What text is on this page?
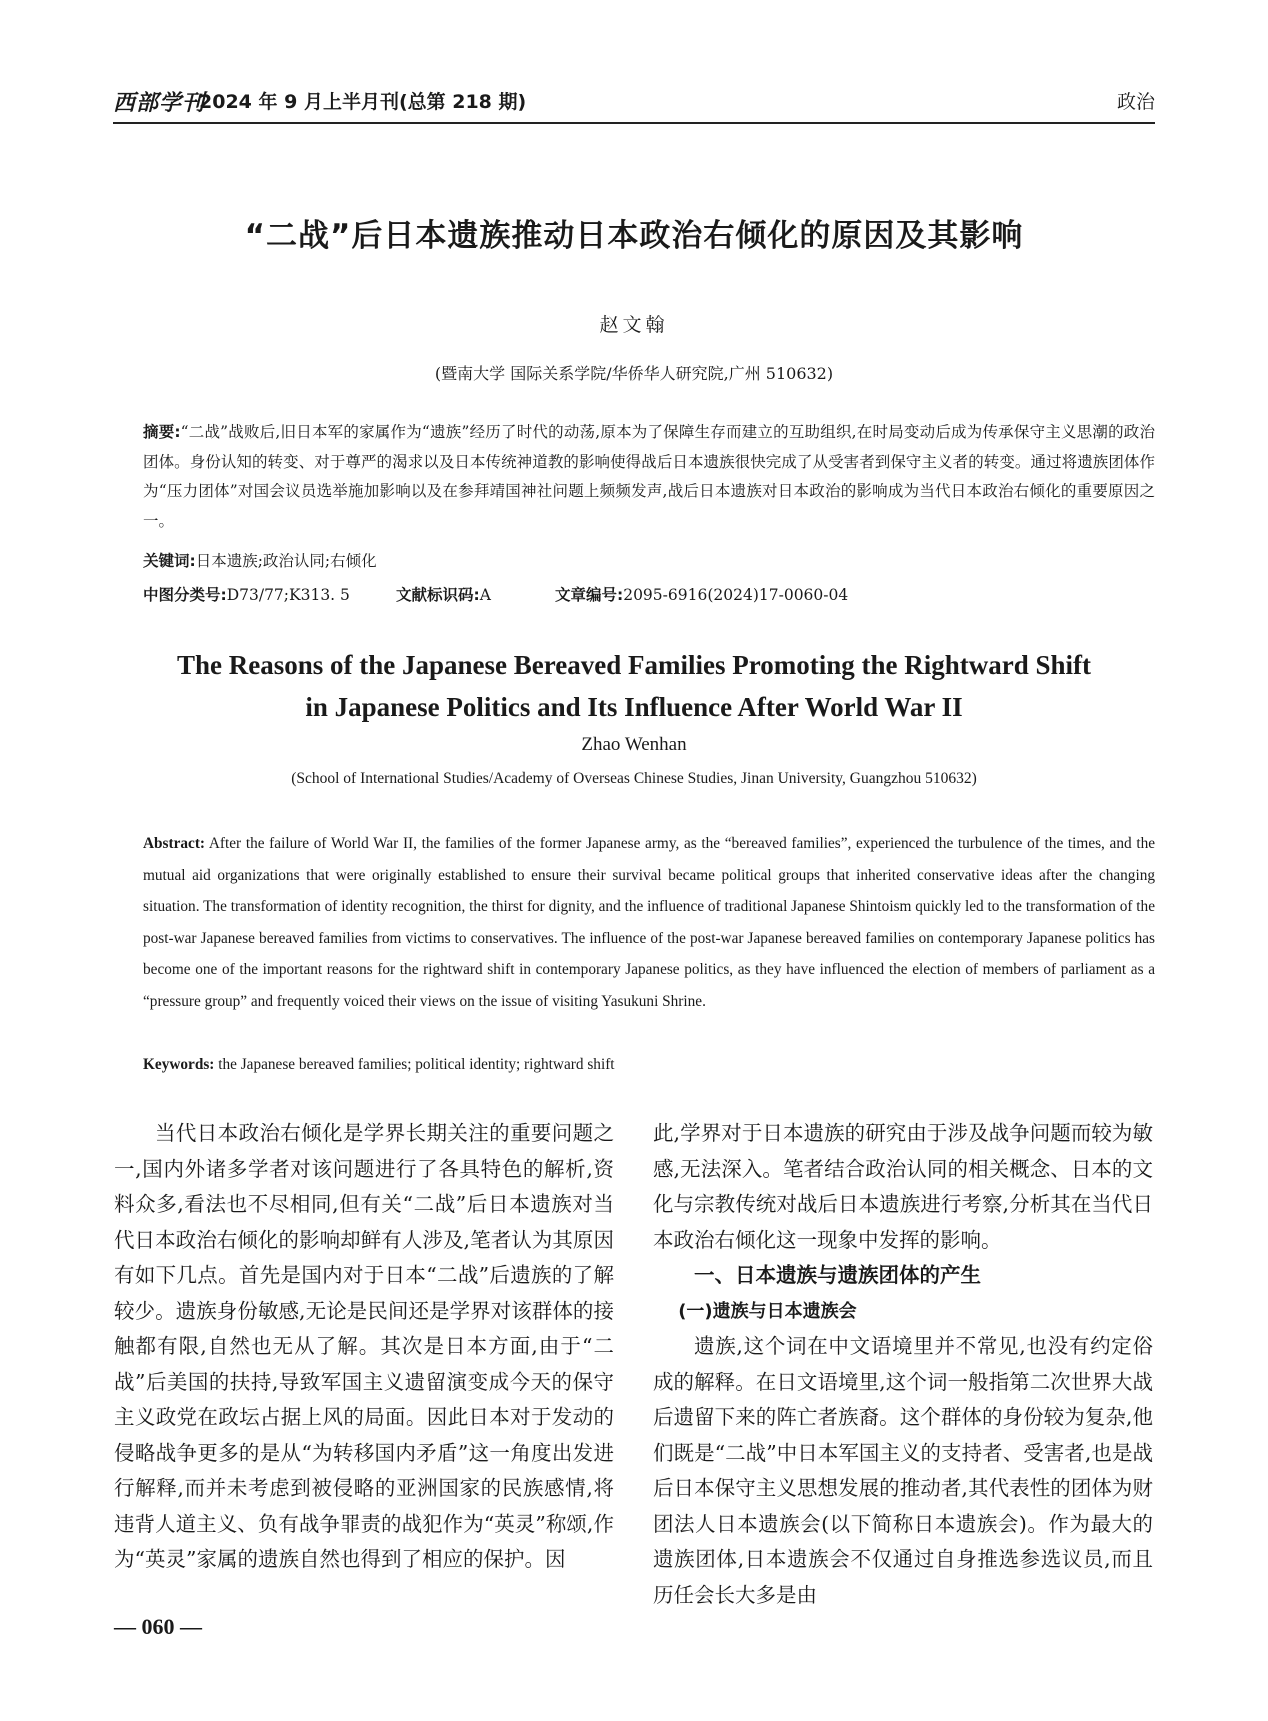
西部学刊
2024 年 9 月上半月刊(总第 218 期)	政治
“二战”后日本遗族推动日本政治右倾化的原因及其影响
赵文翰
(暨南大学 国际关系学院/华侨华人研究院,广州 510632)
摘要:“二战”战败后,旧日本军的家属作为“遗族”经历了时代的动荡,原本为了保障生存而建立的互助组织,在时局变动后成为传承保守主义思潮的政治团体。身份认知的转变、对于尊严的渴求以及日本传统神道教的影响使得战后日本遗族很快完成了从受害者到保守主义者的转变。通过将遗族团体作为“压力团体”对国会议员选举施加影响以及在参拜靖国神社问题上频频发声,战后日本遗族对日本政治的影响成为当代日本政治右倾化的重要原因之一。
关键词:日本遗族;政治认同;右倾化
中图分类号:D73/77;K313. 5	文献标识码:A	文章编号:2095-6916(2024)17-0060-04
The Reasons of the Japanese Bereaved Families Promoting the Rightward Shift
in Japanese Politics and Its Influence After World War II
Zhao Wenhan
(School of International Studies/Academy of Overseas Chinese Studies, Jinan University, Guangzhou 510632)
Abstract: After the failure of World War II, the families of the former Japanese army, as the “bereaved families”, experienced the turbulence of the times, and the mutual aid organizations that were originally established to ensure their survival became political groups that inherited conservative ideas after the changing situation. The transformation of identity recognition, the thirst for dignity, and the influence of traditional Japanese Shintoism quickly led to the transformation of the post-war Japanese bereaved families from victims to conservatives. The influence of the post-war Japanese bereaved families on contemporary Japanese politics has become one of the important reasons for the rightward shift in contemporary Japanese politics, as they have influenced the election of members of parliament as a “pressure group” and frequently voiced their views on the issue of visiting Yasukuni Shrine.
Keywords: the Japanese bereaved families; political identity; rightward shift

当代日本政治右倾化是学界长期关注的重要问题之一,国内外诸多学者对该问题进行了各具特色的解析,资料众多,看法也不尽相同,但有关“二战”后日本遗族对当代日本政治右倾化的影响却鲜有人涉及,笔者认为其原因有如下几点。首先是国内对于日本“二战”后遗族的了解较少。遗族身份敏感,无论是民间还是学界对该群体的接触都有限,自然也无从了解。其次是日本方面,由于“二战”后美国的扶持,导致军国主义遗留演变成今天的保守主义政党在政坛占据上风的局面。因此日本对于发动的侵略战争更多的是从“为转移国内矛盾”这一角度出发进行解释,而并未考虑到被侵略的亚洲国家的民族感情,将违背人道主义、负有战争罪责的战犯作为“英灵”称颂,作为“英灵”家属的遗族自然也得到了相应的保护。因

此,学界对于日本遗族的研究由于涉及战争问题而较为敏感,无法深入。笔者结合政治认同的相关概念、日本的文化与宗教传统对战后日本遗族进行考察,分析其在当代日本政治右倾化这一现象中发挥的影响。

一、日本遗族与遗族团体的产生
(一)遗族与日本遗族会

遗族,这个词在中文语境里并不常见,也没有约定俗成的解释。在日文语境里,这个词一般指第二次世界大战后遗留下来的阵亡者族裔。这个群体的身份较为复杂,他们既是“二战”中日本军国主义的支持者、受害者,也是战后日本保守主义思想发展的推动者,其代表性的团体为财团法人日本遗族会(以下简称日本遗族会)。作为最大的遗族团体,日本遗族会不仅通过自身推选参选议员,而且历任会长大多是由

— 060 —
